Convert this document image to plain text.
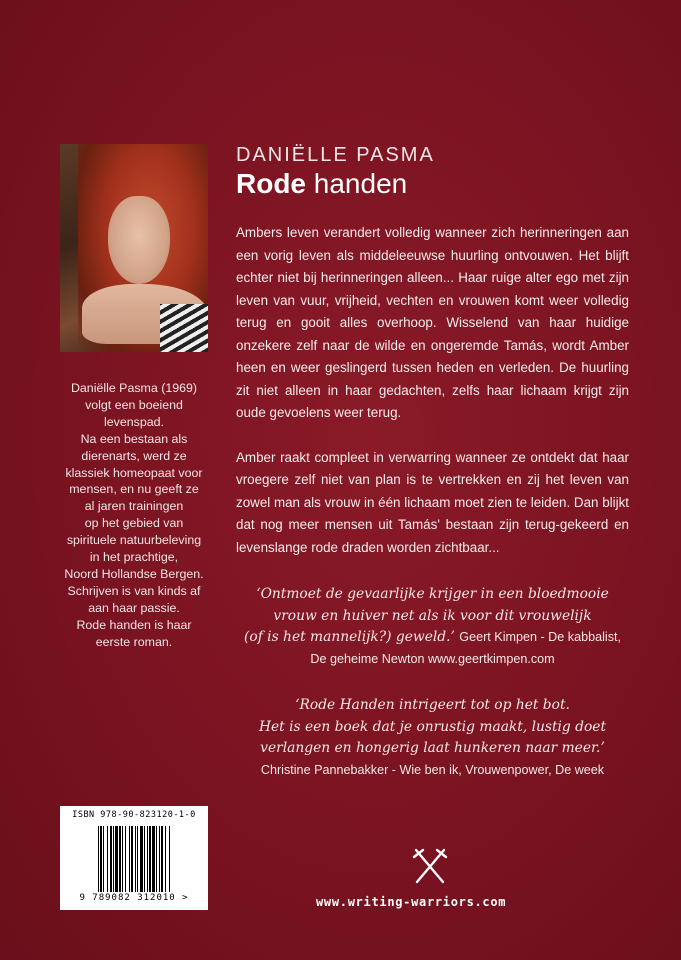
Daniëlle Pasma (1969)

volgt een boeiend

levenspad.

Na een bestaan als

dierenarts, werd ze

klassiek homeopaat voor

mensen, en nu geeft ze

al jaren trainingen

op het gebied van

spirituele natuurbeleving

in het prachtige,

Noord Hollandse Bergen.

Schrijven is van kinds af

aan haar passie.

Rode handen is haar

eerste roman.

ISBN 978-90-823120-1-0
9 789082 312010 >
DANIËLLE PASMA
Rode handen

Ambers leven verandert volledig wanneer zich herinneringen aan een vorig leven als middeleeuwse huurling ontvouwen. Het blijft echter niet bij herinneringen alleen... Haar ruige alter ego met zijn leven van vuur, vrijheid, vechten en vrouwen komt weer volledig terug en gooit alles overhoop. Wisselend van haar huidige onzekere zelf naar de wilde en ongeremde Tamás, wordt Amber heen en weer geslingerd tussen heden en verleden. De huurling zit niet alleen in haar gedachten, zelfs haar lichaam krijgt zijn oude gevoelens weer terug.

Amber raakt compleet in verwarring wanneer ze ontdekt dat haar vroegere zelf niet van plan is te vertrekken en zij het leven van zowel man als vrouw in één lichaam moet zien te leiden. Dan blijkt dat nog meer mensen uit Tamás' bestaan zijn terug-gekeerd en levenslange rode draden worden zichtbaar...

‘Ontmoet de gevaarlijke krijger in een bloedmooie
vrouw en huiver net als ik voor dit vrouwelijk
(of is het mannelijk?) geweld.’ Geert Kimpen - De kabbalist,
De geheime Newton www.geertkimpen.com
‘Rode Handen intrigeert tot op het bot.
Het is een boek dat je onrustig maakt, lustig doet
verlangen en hongerig laat hunkeren naar meer.’
Christine Pannebakker - Wie ben ik, Vrouwenpower, De week
www.writing-warriors.com
